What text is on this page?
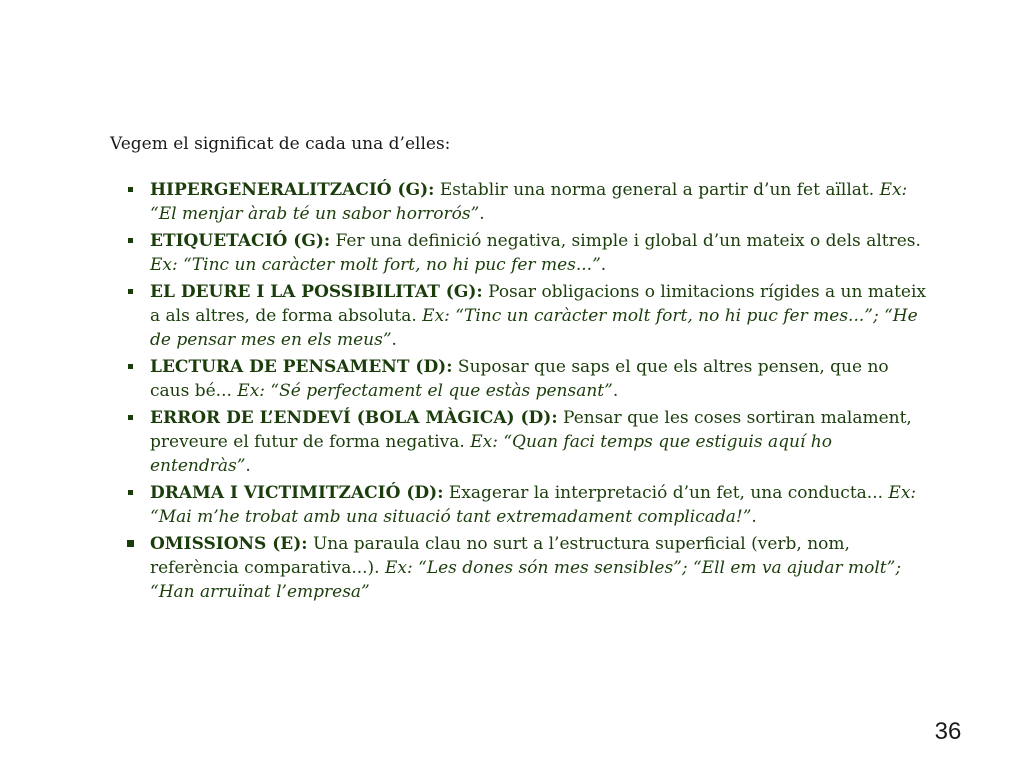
Vegem el significat de cada una d’elles:

HIPERGENERALITZACIÓ (G): Establir una norma general a partir d’un fet aïllat. Ex: “El menjar àrab té un sabor horrorós”.
ETIQUETACIÓ (G): Fer una definició negativa, simple i global d’un mateix o dels altres. Ex: “Tinc un caràcter molt fort, no hi puc fer mes...”.
EL DEURE I LA POSSIBILITAT (G): Posar obligacions o limitacions rígides a un mateix a als altres, de forma absoluta. Ex: “Tinc un caràcter molt fort, no hi puc fer mes...”; “He de pensar mes en els meus”.
LECTURA DE PENSAMENT (D): Suposar que saps el que els altres pensen, que no caus bé... Ex: “Sé perfectament el que estàs pensant”.
ERROR DE L’ENDEVÍ (BOLA MÀGICA) (D): Pensar que les coses sortiran malament, preveure el futur de forma negativa. Ex: “Quan faci temps que estiguis aquí ho entendràs”.
DRAMA I VICTIMITZACIÓ (D): Exagerar la interpretació d’un fet, una conducta... Ex: “Mai m’he trobat amb una situació tant extremadament complicada!”.
OMISSIONS (E): Una paraula clau no surt a l’estructura superficial (verb, nom, referència comparativa...). Ex: “Les dones són mes sensibles”; “Ell em va ajudar molt”; “Han arruïnat l’empresa”
36
